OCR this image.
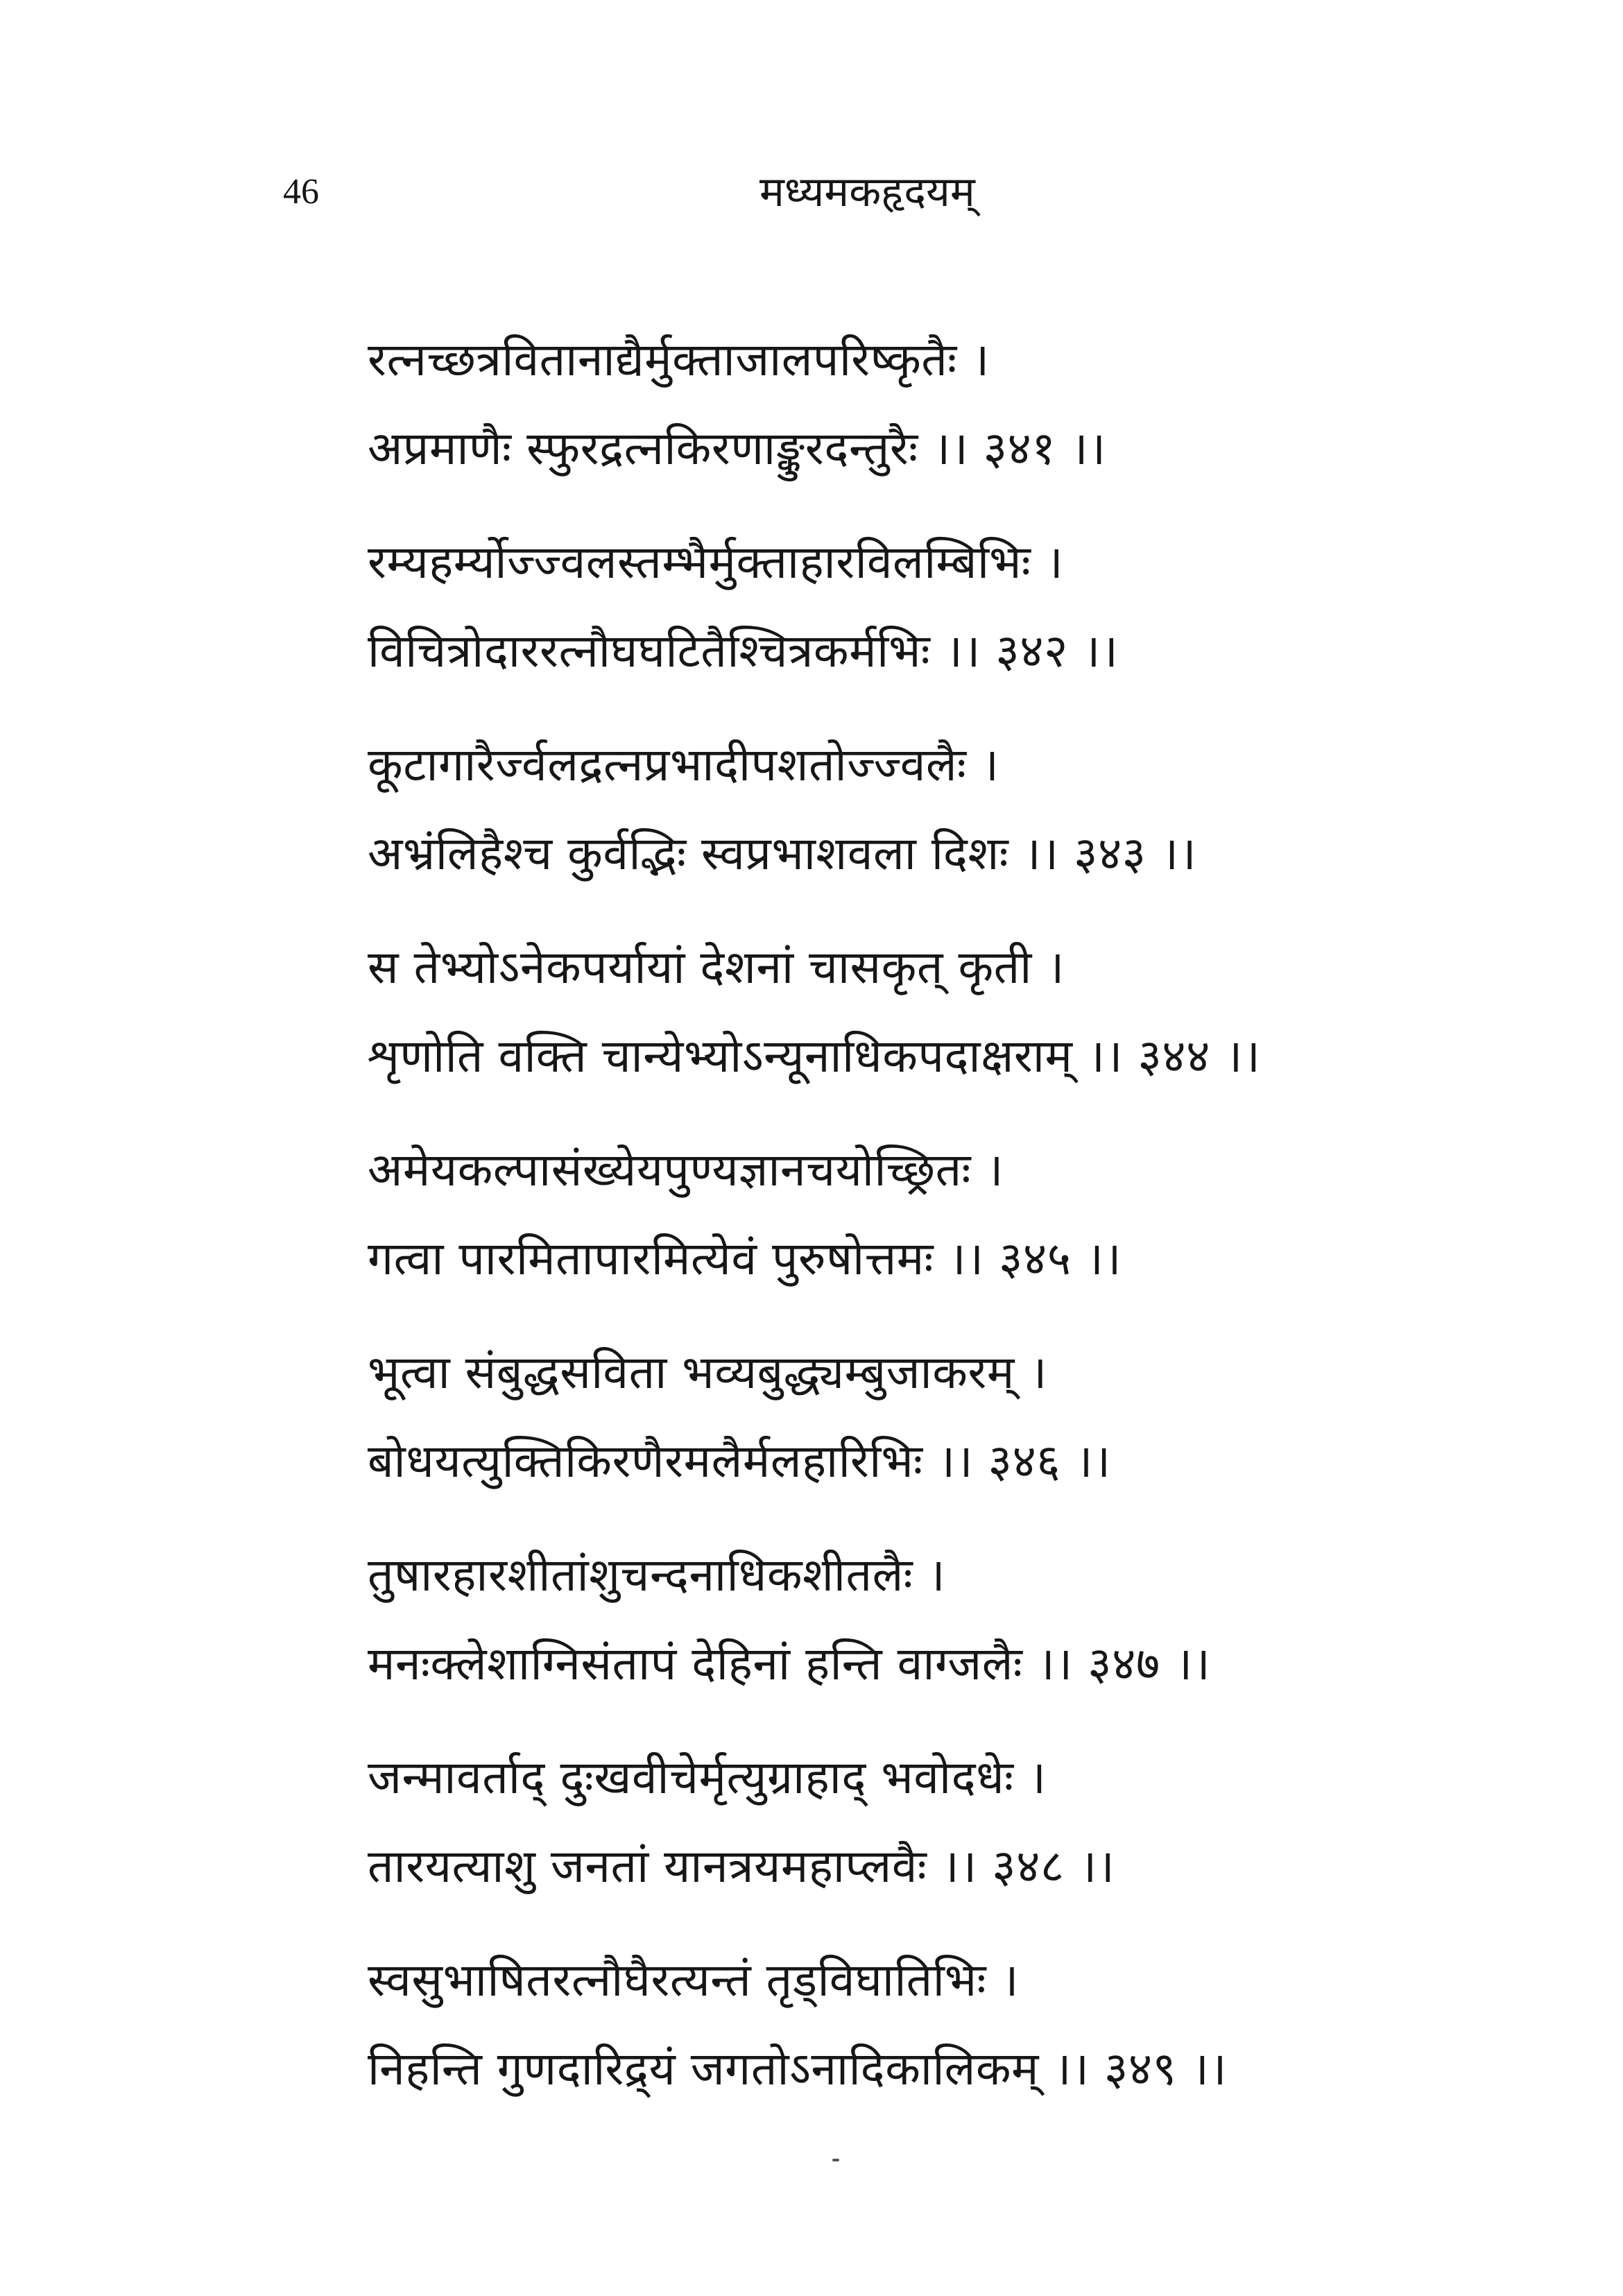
46	मध्यमकहृदयम्
रत्नच्छत्रवितानाद्यैर्मुक्ताजालपरिष्कृतैः ।
अप्रमाणैः स्फुरद्रत्नकिरणाङ्कुरदन्तुरैः ।। ३४१ ।।
रम्यहर्म्योज्ज्वलस्तम्भैर्मुक्ताहारविलम्बिभिः ।
विचित्रोदाररत्नौघघटितैश्चित्रकर्मभिः ।। ३४२ ।।
कूटागारैर्ज्वलद्रत्नप्रभादीपशतोज्ज्वलैः ।
अभ्रंलिहैश्च कुर्वद्भिः स्वप्रभाशवला दिशः ।। ३४३ ।।
स तेभ्योऽनेकपर्यायां देशनां चासकृत् कृती ।
शृणोति वक्ति चान्येभ्योऽन्यूनाधिकपदाक्षराम् ।। ३४४ ।।
अमेयकल्पासंख्येयपुण्यज्ञानचयोच्छ्रितः ।
गत्वा पारमितापारमित्येवं पुरुषोत्तमः ।। ३४५ ।।
भूत्वा संबुद्धसविता भव्यबुद्ध्यम्बुजाकरम् ।
बोधयत्युक्तिकिरणैरमलैर्मलहारिभिः ।। ३४६ ।।
तुषारहारशीतांशुचन्दनाधिकशीतलैः ।
मनःक्लेशाग्निसंतापं देहिनां हन्ति वाग्जलैः ।। ३४७ ।।
जन्मावर्ताद् दुःखवीचेर्मृत्युग्राहाद् भवोदधेः ।
तारयत्याशु जनतां यानत्रयमहाप्लवैः ।। ३४८ ।।
स्वसुभाषितरत्नौघैरत्यन्तं तृड्विघातिभिः ।
निहन्ति गुणदारिद्र्यं जगतोऽनादिकालिकम् ।। ३४९ ।।
